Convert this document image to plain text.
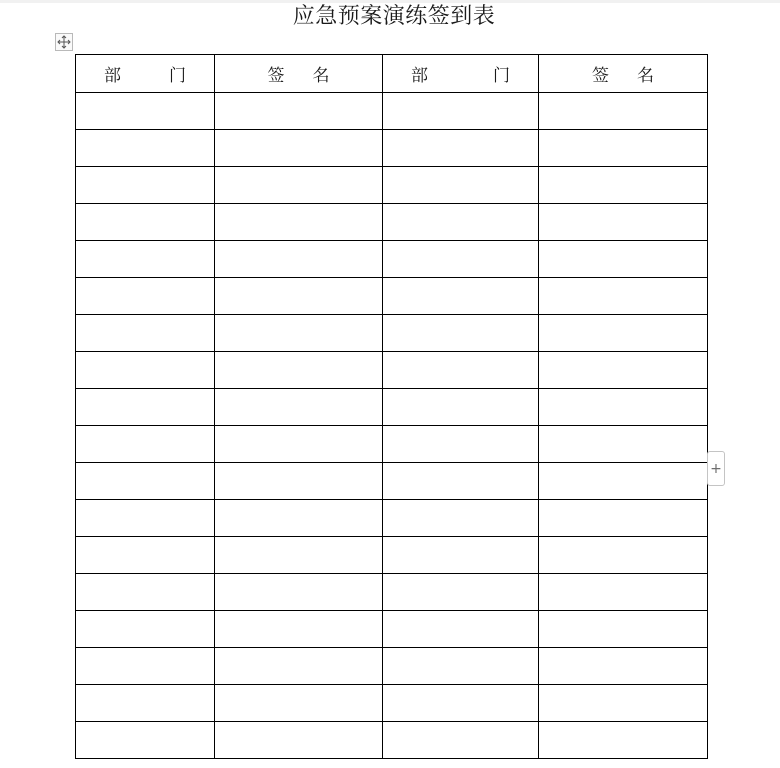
应急预案演练签到表
部 门	签 名	部 门	签 名

+
